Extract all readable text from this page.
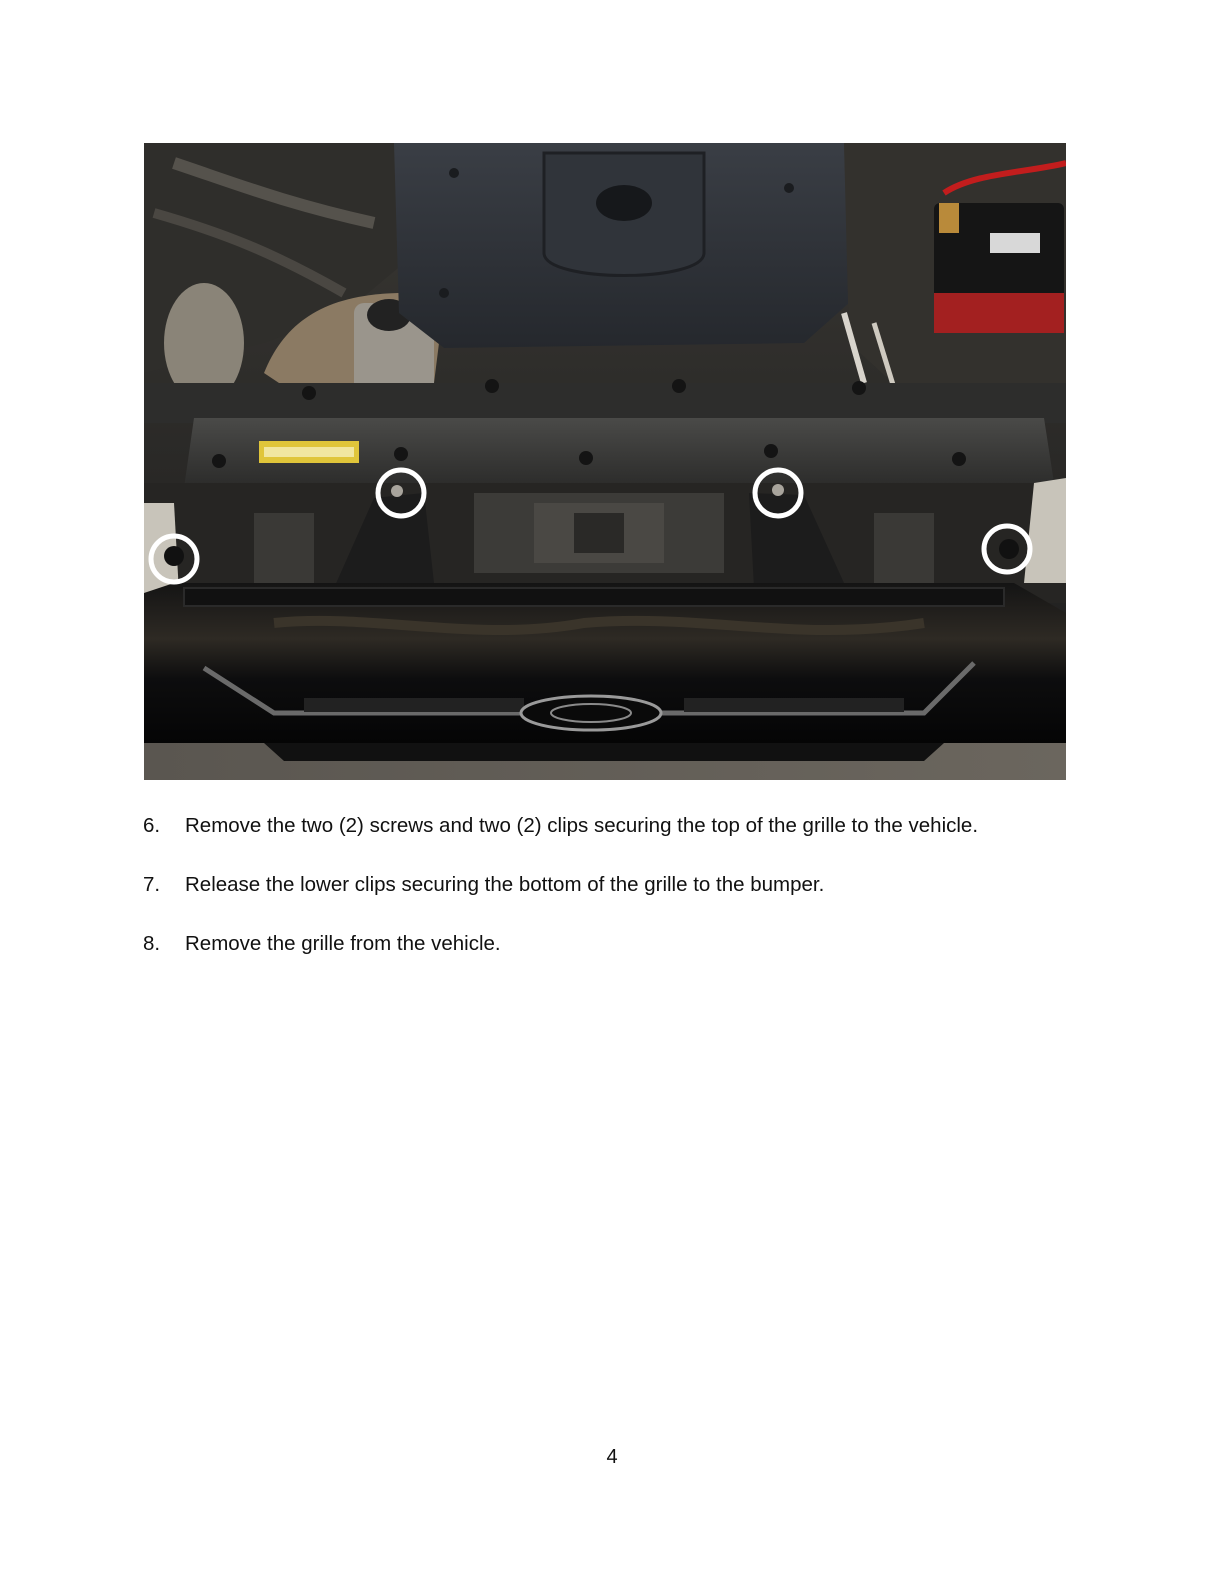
6. Remove the two (2) screws and two (2) clips securing the top of the grille to the vehicle.
7. Release the lower clips securing the bottom of the grille to the bumper.
8. Remove the grille from the vehicle.
4
